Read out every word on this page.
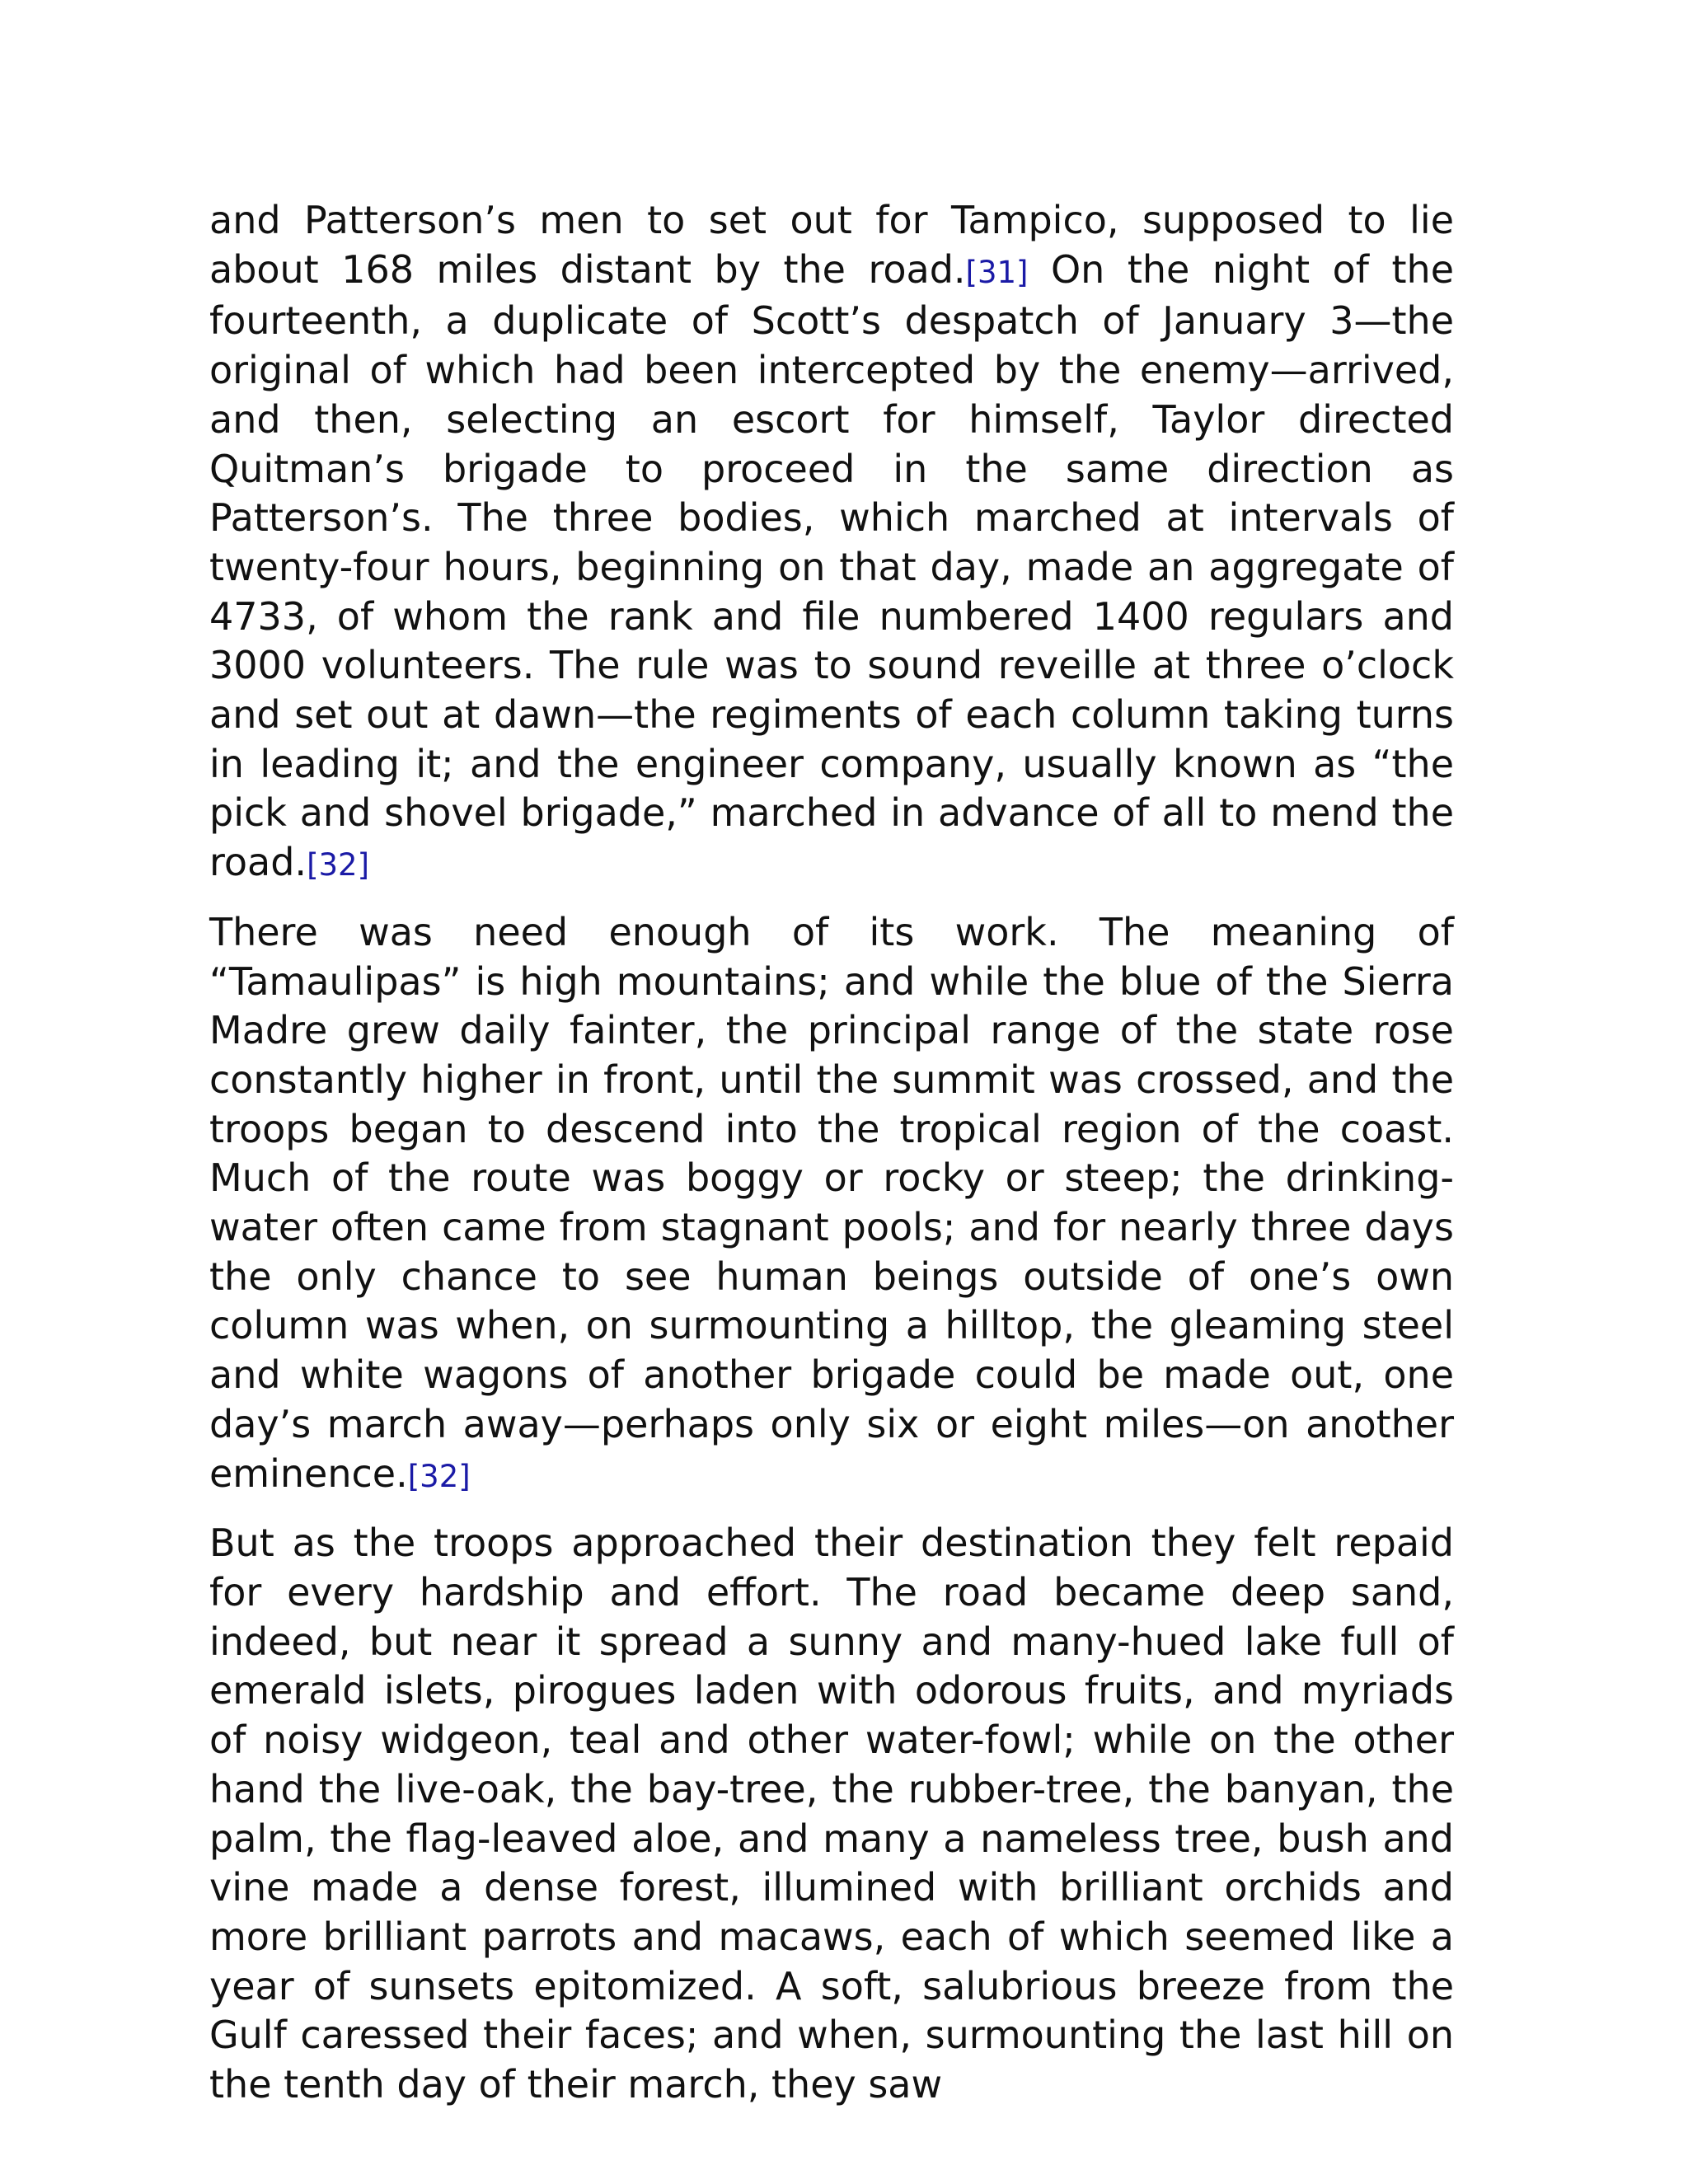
and Patterson’s men to set out for Tampico, supposed to lie about 168 miles distant by the road.[31] On the night of the fourteenth, a duplicate of Scott’s despatch of January 3—the original of which had been intercepted by the enemy—arrived, and then, selecting an escort for himself, Taylor directed Quitman’s brigade to proceed in the same direction as Patterson’s. The three bodies, which marched at intervals of twenty-four hours, beginning on that day, made an aggregate of 4733, of whom the rank and file numbered 1400 regulars and 3000 volunteers. The rule was to sound reveille at three o’clock and set out at dawn—the regiments of each column taking turns in leading it; and the engineer company, usually known as “the pick and shovel brigade,” marched in advance of all to mend the road.[32]

There was need enough of its work. The meaning of “Tamaulipas” is high mountains; and while the blue of the Sierra Madre grew daily fainter, the principal range of the state rose constantly higher in front, until the summit was crossed, and the troops began to descend into the tropical region of the coast. Much of the route was boggy or rocky or steep; the drinking-water often came from stagnant pools; and for nearly three days the only chance to see human beings outside of one’s own column was when, on surmounting a hilltop, the gleaming steel and white wagons of another brigade could be made out, one day’s march away—perhaps only six or eight miles—on another eminence.[32]

But as the troops approached their destination they felt repaid for every hardship and effort. The road became deep sand, indeed, but near it spread a sunny and many-hued lake full of emerald islets, pirogues laden with odorous fruits, and myriads of noisy widgeon, teal and other water-fowl; while on the other hand the live-oak, the bay-tree, the rubber-tree, the banyan, the palm, the flag-leaved aloe, and many a nameless tree, bush and vine made a dense forest, illumined with brilliant orchids and more brilliant parrots and macaws, each of which seemed like a year of sunsets epitomized. A soft, salubrious breeze from the Gulf caressed their faces; and when, surmounting the last hill on the tenth day of their march, they saw
